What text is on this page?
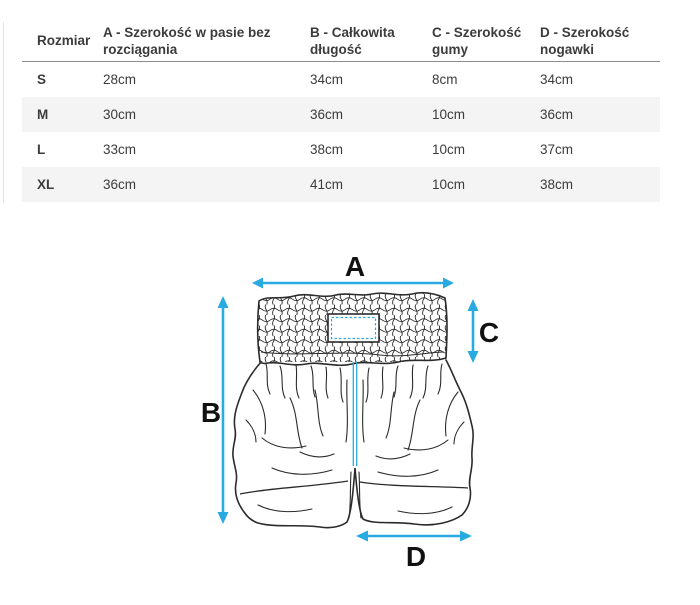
Rozmiar	A - Szerokość w pasie bez rozciągania	B - Całkowita długość	C - Szerokość gumy	D - Szerokość nogawki
S	28cm	34cm	8cm	34cm
M	30cm	36cm	10cm	36cm
L	33cm	38cm	10cm	37cm
XL	36cm	41cm	10cm	38cm
A
B
C
D
